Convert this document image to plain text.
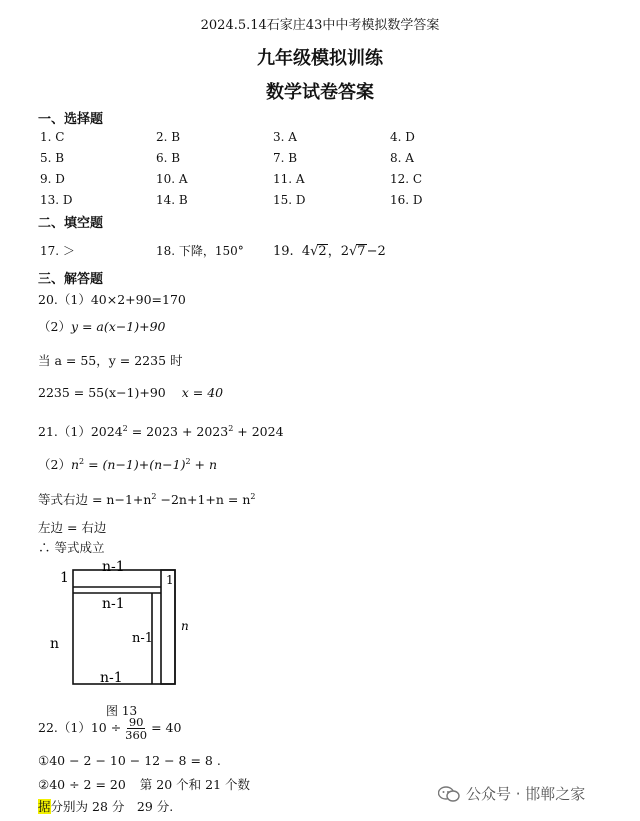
2024.5.14石家庄43中中考模拟数学答案
九年级模拟训练
数学试卷答案
一、选择题
1. C	2. B	3. A	4. D
5. B	6. B	7. B	8. A
9. D	10. A	11. A	12. C
13. D	14. B	15. D	16. D
二、填空题
17. ＞	18. 下降，150° 19. 4√2，2√7−2
三、解答题
20.（1）40×2+90=170
（2）y = a(x−1)+90
当 a = 55，y = 2235 时
2235 = 55(x−1)+90 x = 40
$21.(1)2024^2 = 2023 + 2023^2 + 2024$
$(2)n^2 = (n-1)+(n-1)^2 + n$
等式右边 = $n-1+n^2 -2n+1+n = n^2$
左边 = 右边
∴ 等式成立
n-1
n-1
n-1
n-1
n
1	1
n
图 13
$22.(1)10 \div \frac{90}{360} = 40$
①40 − 2 − 10 − 12 − 8 = 8 .
②40 ÷ 2 = 20 第 20 个和 21 个数
据分别为 28 分　29 分.
公众号 · 邯郸之家
